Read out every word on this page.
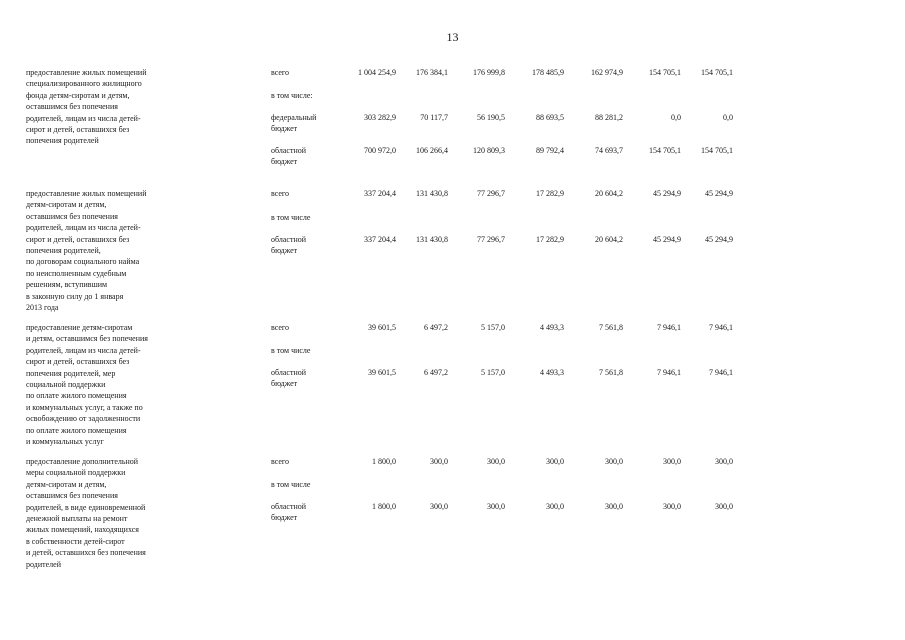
13
предоставление жилых помещений
специализированного жилищного
фонда детям-сиротам и детям,
оставшимся без попечения
родителей, лицам из числа детей-
сирот и детей, оставшихся без
попечения родителей
всего	1 004 254,9	176 384,1	176 999,8	178 485,9	162 974,9	154 705,1	154 705,1
в том числе:
федеральный
бюджет
303 282,9	70 117,7	56 190,5	88 693,5	88 281,2	0,0	0,0
областной
бюджет
700 972,0	106 266,4	120 809,3	89 792,4	74 693,7	154 705,1	154 705,1
предоставление жилых помещений
детям-сиротам и детям,
оставшимся без попечения
родителей, лицам из числа детей-
сирот и детей, оставшихся без
попечения родителей,
по договорам социального найма
по неисполненным судебным
решениям, вступившим
в законную силу до 1 января
2013 года
всего	337 204,4	131 430,8	77 296,7	17 282,9	20 604,2	45 294,9	45 294,9
в том числе
областной
бюджет
337 204,4	131 430,8	77 296,7	17 282,9	20 604,2	45 294,9	45 294,9
предоставление детям-сиротам
и детям, оставшимся без попечения
родителей, лицам из числа детей-
сирот и детей, оставшихся без
попечения родителей, мер
социальной поддержки
по оплате жилого помещения
и коммунальных услуг, а также по
освобождению от задолженности
по оплате жилого помещения
и коммунальных услуг
всего	39 601,5	6 497,2	5 157,0	4 493,3	7 561,8	7 946,1	7 946,1
в том числе
областной
бюджет
39 601,5	6 497,2	5 157,0	4 493,3	7 561,8	7 946,1	7 946,1
предоставление дополнительной
меры социальной поддержки
детям-сиротам и детям,
оставшимся без попечения
родителей, в виде единовременной
денежной выплаты на ремонт
жилых помещений, находящихся
в собственности детей-сирот
и детей, оставшихся без попечения
родителей
всего	1 800,0	300,0	300,0	300,0	300,0	300,0	300,0
в том числе
областной
бюджет
1 800,0	300,0	300,0	300,0	300,0	300,0	300,0
